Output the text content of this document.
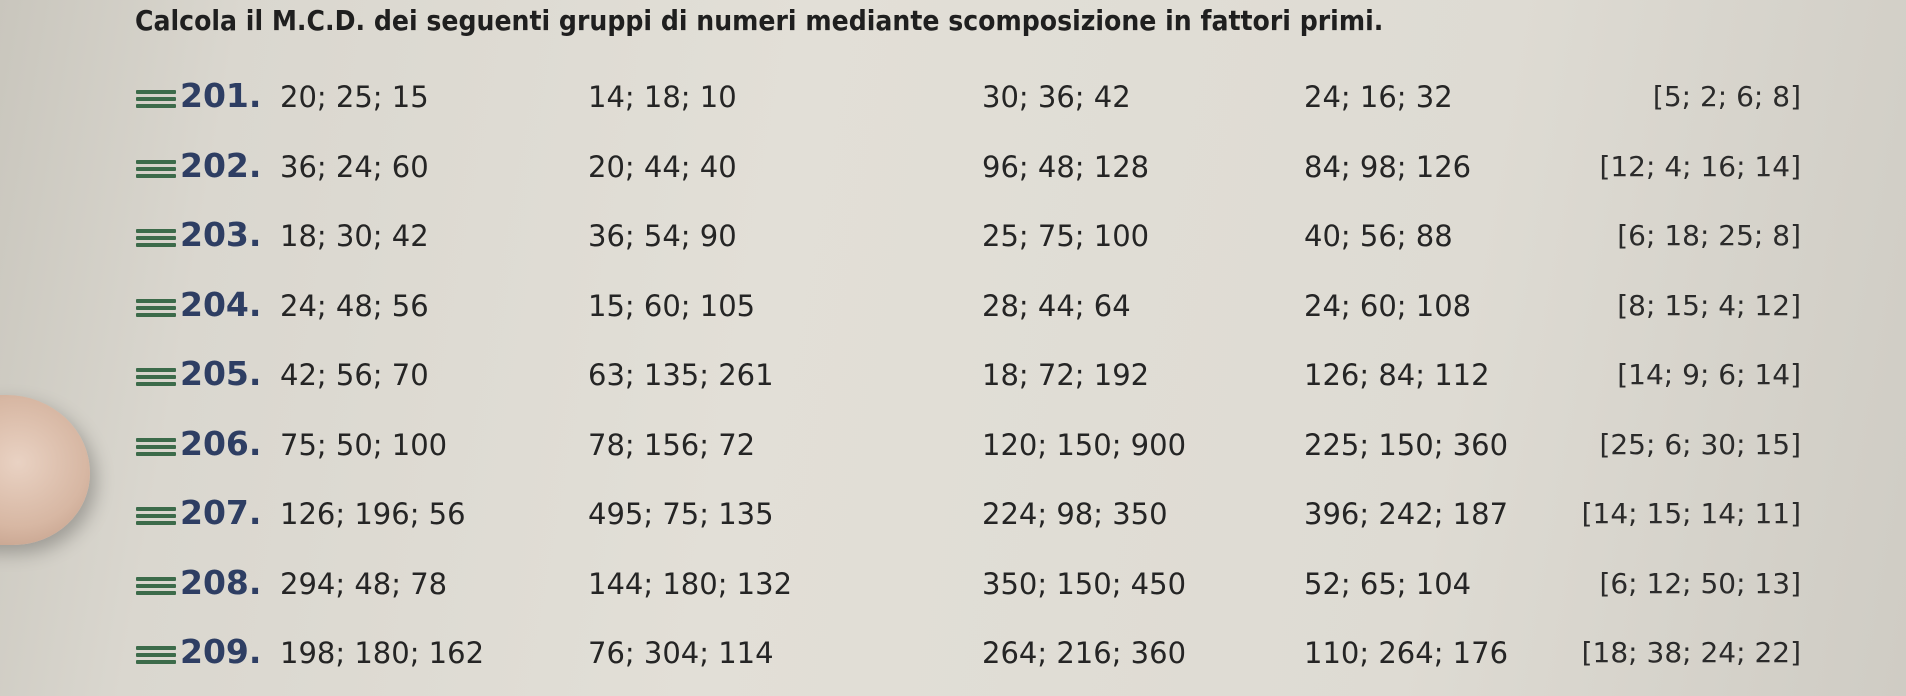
Calcola il M.C.D. dei seguenti gruppi di numeri mediante scomposizione in fattori primi.
201. 20; 25; 15	14; 18; 10	30; 36; 42	24; 16; 32	[5; 2; 6; 8]
202. 36; 24; 60	20; 44; 40	96; 48; 128	84; 98; 126	[12; 4; 16; 14]
203. 18; 30; 42	36; 54; 90	25; 75; 100	40; 56; 88	[6; 18; 25; 8]
204. 24; 48; 56	15; 60; 105	28; 44; 64	24; 60; 108	[8; 15; 4; 12]
205. 42; 56; 70	63; 135; 261	18; 72; 192	126; 84; 112	[14; 9; 6; 14]
206. 75; 50; 100	78; 156; 72	120; 150; 900	225; 150; 360	[25; 6; 30; 15]
207. 126; 196; 56	495; 75; 135	224; 98; 350	396; 242; 187	[14; 15; 14; 11]
208. 294; 48; 78	144; 180; 132	350; 150; 450	52; 65; 104	[6; 12; 50; 13]
209. 198; 180; 162	76; 304; 114	264; 216; 360	110; 264; 176	[18; 38; 24; 22]
